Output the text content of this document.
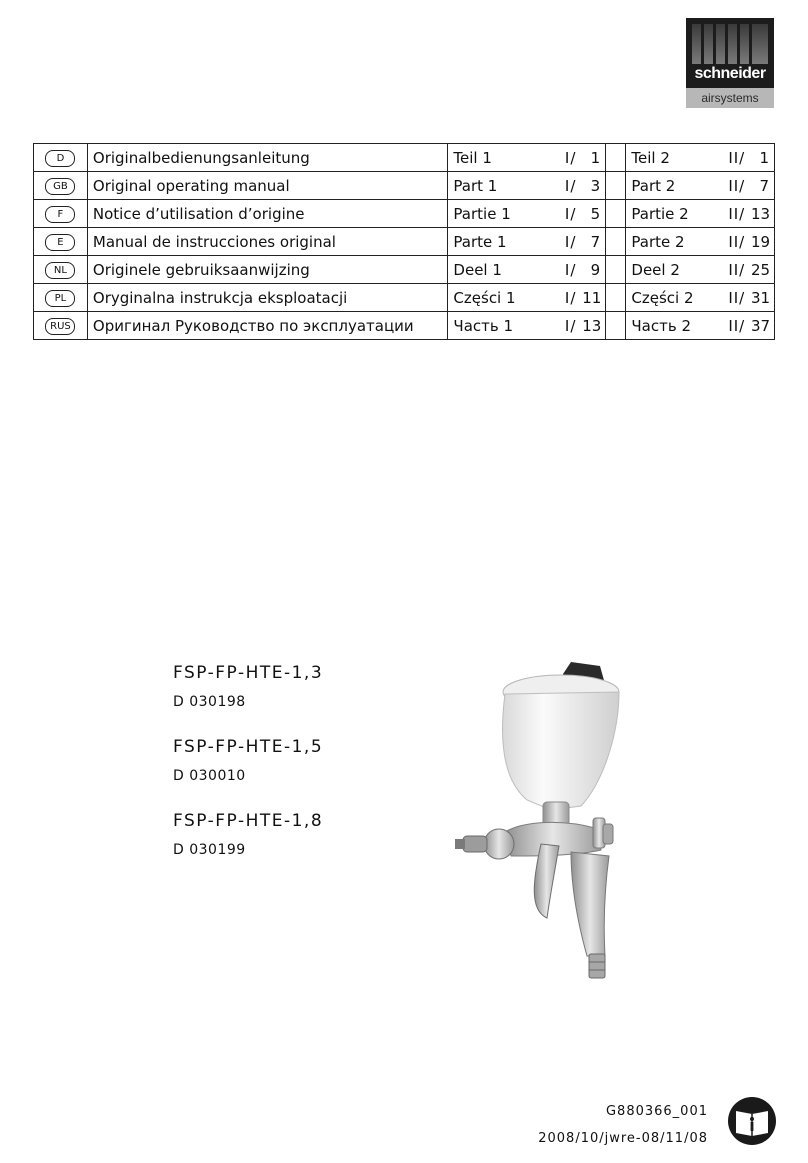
schneider
airsystems
D	Originalbedienungsanleitung	Teil 1 I/ 1		Teil 2 II/ 1

GB	Original operating manual	Part 1 I/ 3		Part 2 II/ 7

F	Notice d’utilisation d’origine	Partie 1 I/ 5		Partie 2 II/ 13

E	Manual de instrucciones original	Parte 1 I/ 7		Parte 2 II/ 19

NL	Originele gebruiksaanwijzing	Deel 1 I/ 9		Deel 2 II/ 25

PL	Oryginalna instrukcja eksploatacji	Części 1 I/ 11		Części 2 II/ 31

RUS	Оригинал Руководство по эксплуатации	Часть 1 I/ 13		Часть 2 II/ 37
FSP-FP-HTE-1,3
D 030198
FSP-FP-HTE-1,5
D 030010
FSP-FP-HTE-1,8
D 030199
G880366_001
2008/10/jwre-08/11/08
